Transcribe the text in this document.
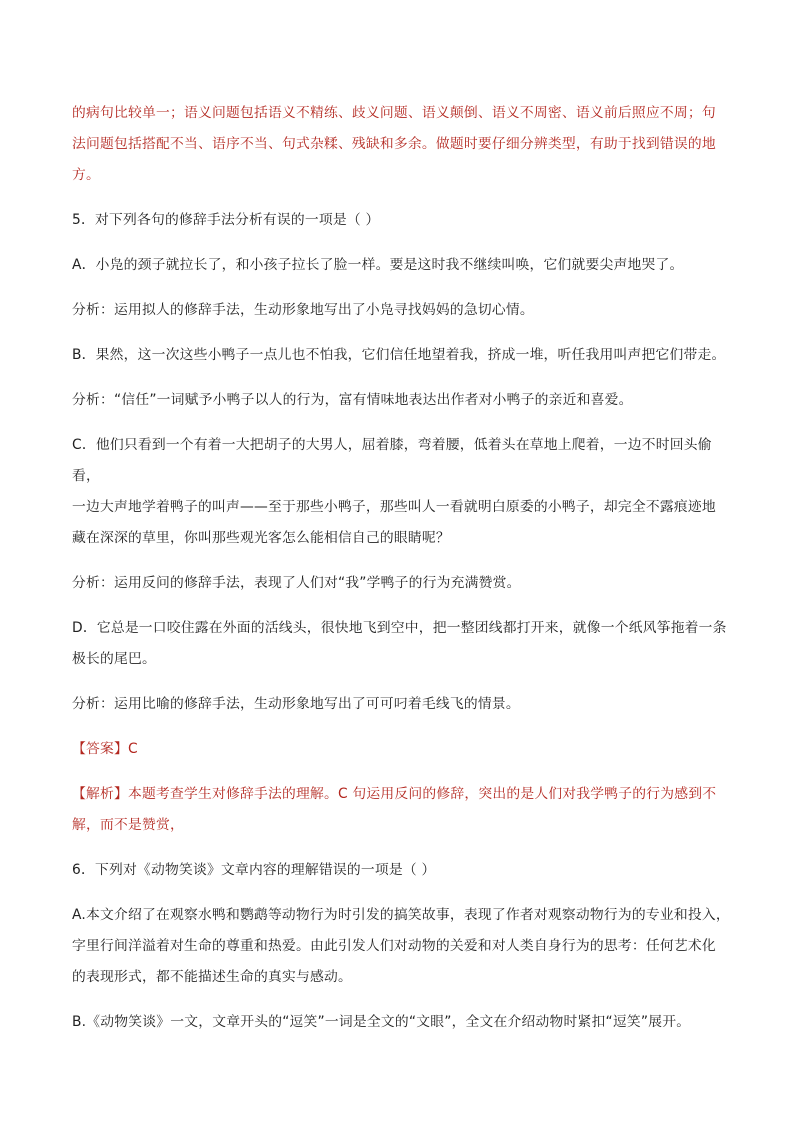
的病句比较单一；语义问题包括语义不精练、歧义问题、语义颠倒、语义不周密、语义前后照应不周；句

法问题包括搭配不当、语序不当、句式杂糅、残缺和多余。做题时要仔细分辨类型，有助于找到错误的地

方。

5．对下列各句的修辞手法分析有误的一项是（ ）

A．小凫的颈子就拉长了，和小孩子拉长了脸一样。要是这时我不继续叫唤，它们就要尖声地哭了。

分析：运用拟人的修辞手法，生动形象地写出了小凫寻找妈妈的急切心情。

B．果然，这一次这些小鸭子一点儿也不怕我，它们信任地望着我，挤成一堆，听任我用叫声把它们带走。

分析：“信任”一词赋予小鸭子以人的行为，富有情味地表达出作者对小鸭子的亲近和喜爱。

C．他们只看到一个有着一大把胡子的大男人，屈着膝，弯着腰，低着头在草地上爬着，一边不时回头偷看，

一边大声地学着鸭子的叫声——至于那些小鸭子，那些叫人一看就明白原委的小鸭子，却完全不露痕迹地

藏在深深的草里，你叫那些观光客怎么能相信自己的眼睛呢？

分析：运用反问的修辞手法，表现了人们对“我”学鸭子的行为充满赞赏。

D．它总是一口咬住露在外面的活线头，很快地飞到空中，把一整团线都打开来，就像一个纸风筝拖着一条

极长的尾巴。

分析：运用比喻的修辞手法，生动形象地写出了可可叼着毛线飞的情景。

【答案】C

【解析】本题考查学生对修辞手法的理解。C 句运用反问的修辞，突出的是人们对我学鸭子的行为感到不

解，而不是赞赏，

6．下列对《动物笑谈》文章内容的理解错误的一项是（ ）

A.本文介绍了在观察水鸭和鹦鹉等动物行为时引发的搞笑故事，表现了作者对观察动物行为的专业和投入，

字里行间洋溢着对生命的尊重和热爱。由此引发人们对动物的关爱和对人类自身行为的思考：任何艺术化

的表现形式，都不能描述生命的真实与感动。

B.《动物笑谈》一文，文章开头的“逗笑”一词是全文的“文眼”，全文在介绍动物时紧扣“逗笑”展开。
